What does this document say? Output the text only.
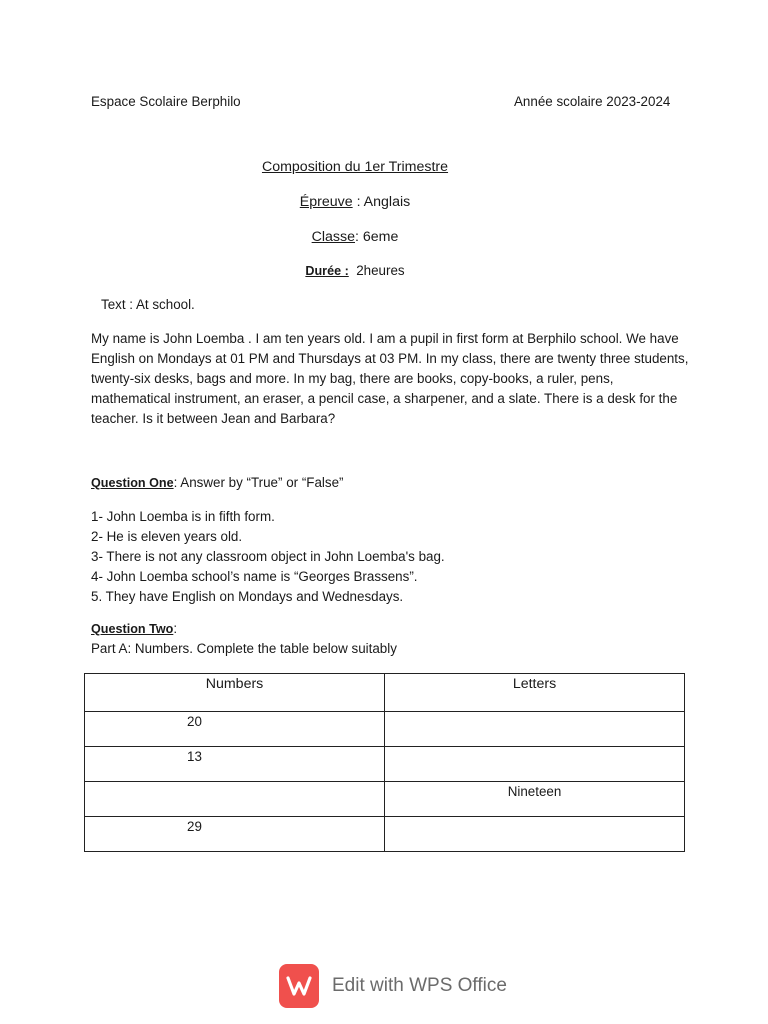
Espace Scolaire Berphilo	Année scolaire 2023-2024
Composition du 1er Trimestre
Épreuve : Anglais
Classe: 6eme
Durée :  2heures
Text : At school.
My name is John Loemba . I am ten years old. I am a pupil in first form at Berphilo school. We have English on Mondays at 01 PM and Thursdays at 03 PM. In my class, there are twenty three students, twenty-six desks, bags and more. In my bag, there are books, copy-books, a ruler, pens, mathematical instrument, an eraser, a pencil case, a sharpener, and a slate. There is a desk for the teacher. Is it between Jean and Barbara?
Question One: Answer by “True” or “False”
1- John Loemba is in fifth form.
2- He is eleven years old.
3- There is not any classroom object in John Loemba's bag.
4- John Loemba school’s name is “Georges Brassens”.
5. They have English on Mondays and Wednesdays.
Question Two:
Part A: Numbers. Complete the table below suitably
Numbers	Letters
20	
13	
	Nineteen
29	
Edit with WPS Office
